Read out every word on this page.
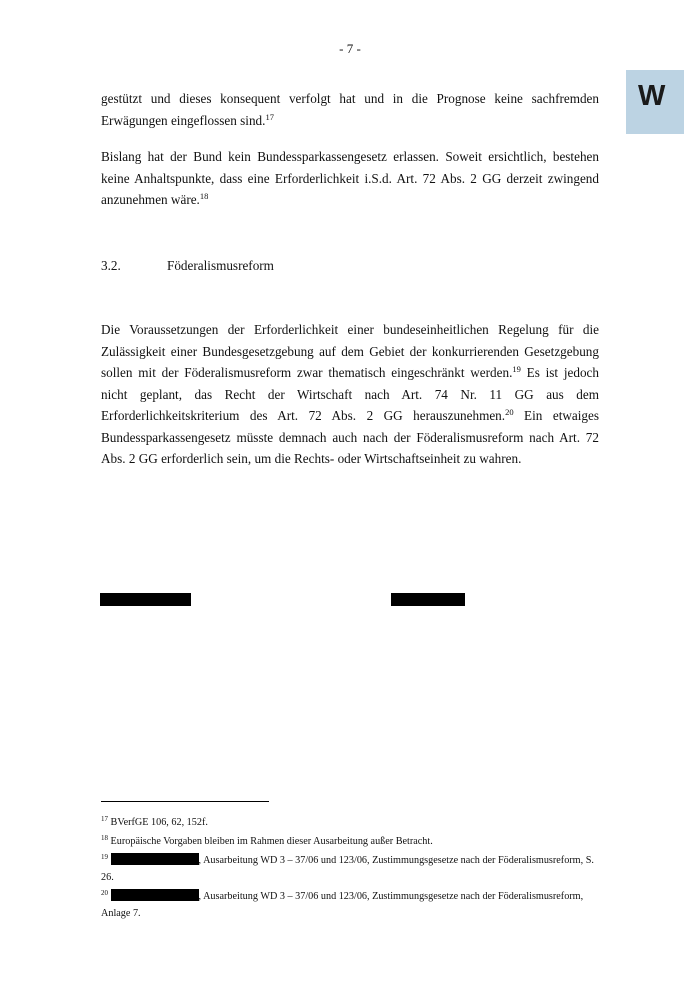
- 7 -
W
gestützt und dieses konsequent verfolgt hat und in die Prognose keine sachfremden Erwägungen eingeflossen sind.$^{17}$
Bislang hat der Bund kein Bundessparkassengesetz erlassen. Soweit ersichtlich, bestehen keine Anhaltspunkte, dass eine Erforderlichkeit i.S.d. Art. 72 Abs. 2 GG derzeit zwingend anzunehmen wäre.$^{18}$
3.2.	Föderalismusreform
Die Voraussetzungen der Erforderlichkeit einer bundeseinheitlichen Regelung für die Zulässigkeit einer Bundesgesetzgebung auf dem Gebiet der konkurrierenden Gesetzgebung sollen mit der Föderalismusreform zwar thematisch eingeschränkt werden.$^{19}$ Es ist jedoch nicht geplant, das Recht der Wirtschaft nach Art. 74 Nr. 11 GG aus dem Erforderlichkeitskriterium des Art. 72 Abs. 2 GG herauszunehmen.$^{20}$ Ein etwaiges Bundessparkassengesetz müsste demnach auch nach der Föderalismusreform nach Art. 72 Abs. 2 GG erforderlich sein, um die Rechts- oder Wirtschaftseinheit zu wahren.
$^{17}$ BVerfGE 106, 62, 152f.
$^{18}$ Europäische Vorgaben bleiben im Rahmen dieser Ausarbeitung außer Betracht.
$^{19}$	, Ausarbeitung WD 3 – 37/06 und 123/06, Zustimmungsgesetze nach der Föderalismusreform, S. 26.
$^{20}$	, Ausarbeitung WD 3 – 37/06 und 123/06, Zustimmungsgesetze nach der Föderalismusreform, Anlage 7.
